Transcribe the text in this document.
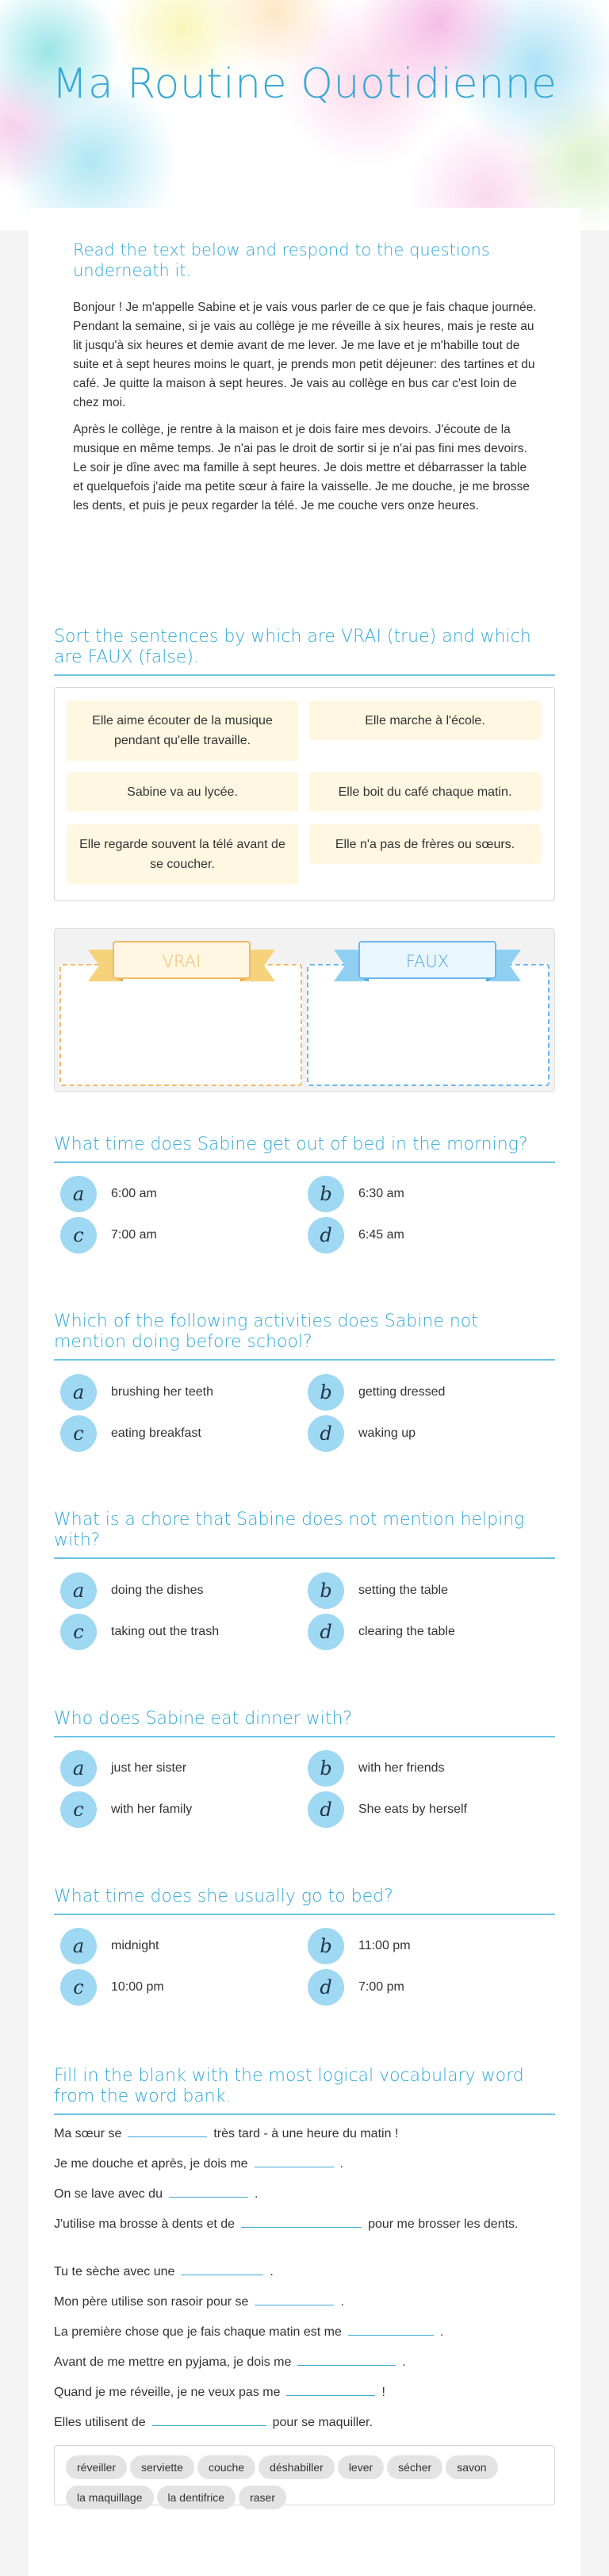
Ma Routine Quotidienne
Read the text below and respond to the questions underneath it.

Bonjour ! Je m'appelle Sabine et je vais vous parler de ce que je fais chaque journée. Pendant la semaine, si je vais au collège je me réveille à six heures, mais je reste au lit jusqu'à six heures et demie avant de me lever. Je me lave et je m'habille tout de suite et à sept heures moins le quart, je prends mon petit déjeuner: des tartines et du café. Je quitte la maison à sept heures. Je vais au collège en bus car c'est loin de chez moi.

Après le collège, je rentre à la maison et je dois faire mes devoirs. J'écoute de la musique en même temps. Je n'ai pas le droit de sortir si je n'ai pas fini mes devoirs. Le soir je dîne avec ma famille à sept heures. Je dois mettre et débarrasser la table et quelquefois j'aide ma petite sœur à faire la vaisselle. Je me douche, je me brosse les dents, et puis je peux regarder la télé. Je me couche vers onze heures.

Sort the sentences by which are VRAI (true) and which are FAUX (false).
Elle aime écouter de la musique pendant qu'elle travaille.
Elle marche à l'école.
Sabine va au lycée.	Elle boit du café chaque matin.
Elle regarde souvent la télé avant de se coucher.
Elle n'a pas de frères ou sœurs.
VRAI	FAUX
What time does Sabine get out of bed in the morning?
a	6:00 am	b	6:30 am
c	7:00 am	d	6:45 am
Which of the following activities does Sabine not mention doing before school?
a	brushing her teeth	b	getting dressed
c	eating breakfast	d	waking up
What is a chore that Sabine does not mention helping with?
a	doing the dishes	b	setting the table
c	taking out the trash	d	clearing the table
Who does Sabine eat dinner with?
a	just her sister	b	with her friends
c	with her family	d	She eats by herself
What time does she usually go to bed?
a	midnight	b	11:00 pm
c	10:00 pm	d	7:00 pm
Fill in the blank with the most logical vocabulary word from the word bank.
Ma sœur se	très tard - à une heure du matin !
Je me douche et après, je dois me	.
On se lave avec du	.
J'utilise ma brosse à dents et de	pour me brosser les dents.
Tu te sèche avec une	.
Mon père utilise son rasoir pour se	.
La première chose que je fais chaque matin est me	.
Avant de me mettre en pyjama, je dois me	.
Quand je me réveille, je ne veux pas me	!
Elles utilisent de	pour se maquiller.
réveiller serviette couche déshabiller lever sécher savonla maquillage la dentifrice raser
